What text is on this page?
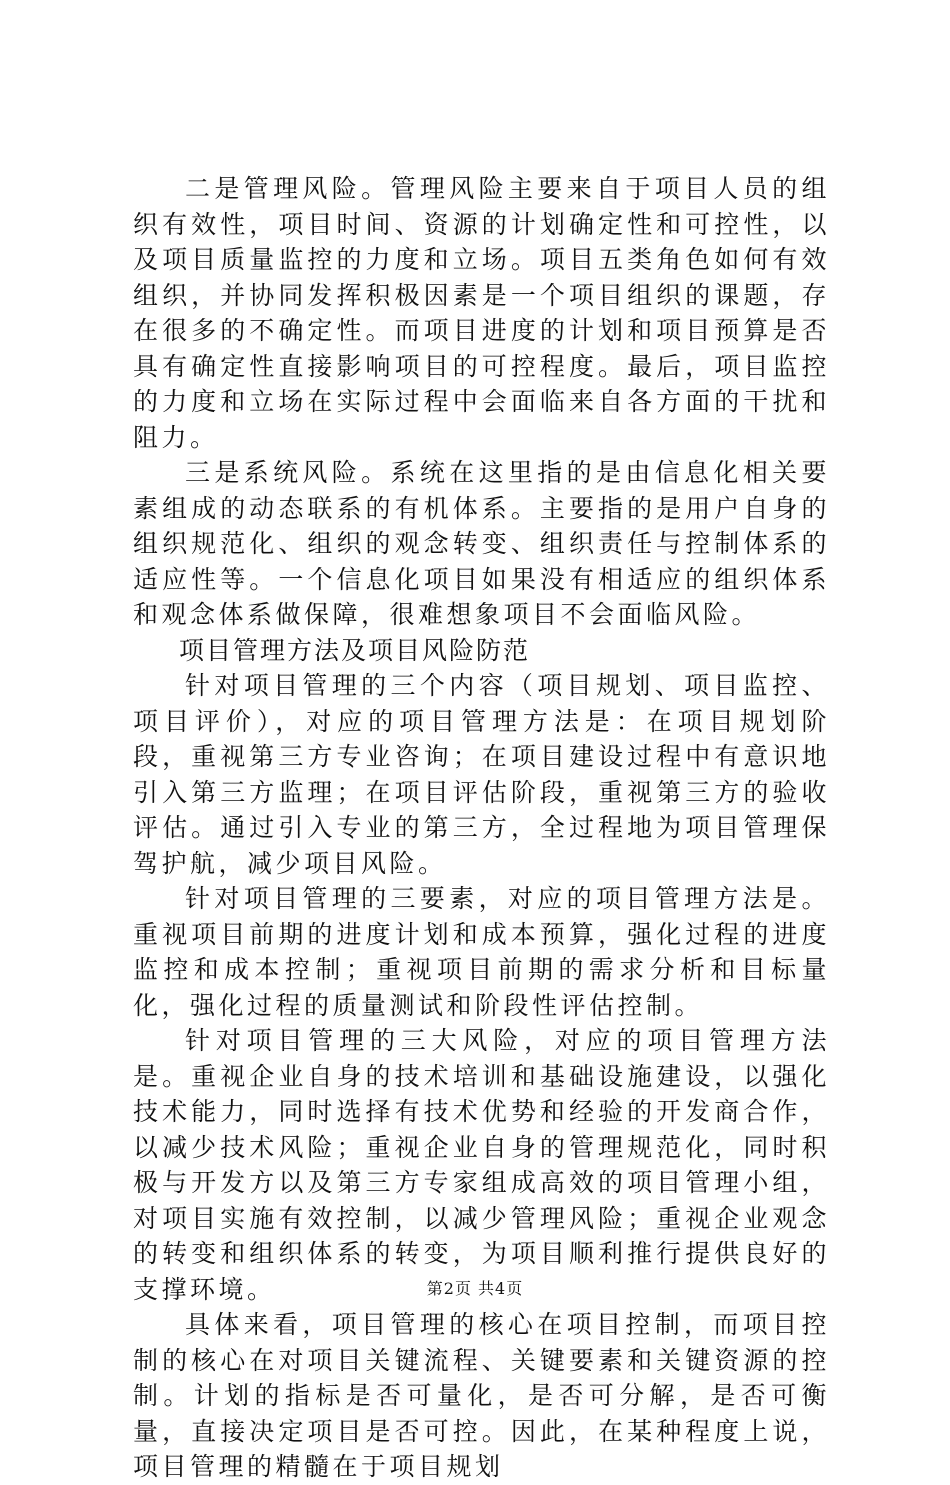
二是管理风险。管理风险主要来自于项目人员的组织有效性，项目时间、资源的计划确定性和可控性，以及项目质量监控的力度和立场。项目五类角色如何有效组织，并协同发挥积极因素是一个项目组织的课题，存在很多的不确定性。而项目进度的计划和项目预算是否具有确定性直接影响项目的可控程度。最后，项目监控的力度和立场在实际过程中会面临来自各方面的干扰和阻力。

三是系统风险。系统在这里指的是由信息化相关要素组成的动态联系的有机体系。主要指的是用户自身的组织规范化、组织的观念转变、组织责任与控制体系的适应性等。一个信息化项目如果没有相适应的组织体系和观念体系做保障，很难想象项目不会面临风险。

项目管理方法及项目风险防范

针对项目管理的三个内容（项目规划、项目监控、项目评价），对应的项目管理方法是：在项目规划阶段，重视第三方专业咨询；在项目建设过程中有意识地引入第三方监理；在项目评估阶段，重视第三方的验收评估。通过引入专业的第三方，全过程地为项目管理保驾护航，减少项目风险。

针对项目管理的三要素，对应的项目管理方法是。重视项目前期的进度计划和成本预算，强化过程的进度监控和成本控制；重视项目前期的需求分析和目标量化，强化过程的质量测试和阶段性评估控制。

针对项目管理的三大风险，对应的项目管理方法是。重视企业自身的技术培训和基础设施建设，以强化技术能力，同时选择有技术优势和经验的开发商合作，以减少技术风险；重视企业自身的管理规范化，同时积极与开发方以及第三方专家组成高效的项目管理小组，对项目实施有效控制，以减少管理风险；重视企业观念的转变和组织体系的转变，为项目顺利推行提供良好的支撑环境。

具体来看，项目管理的核心在项目控制，而项目控制的核心在对项目关键流程、关键要素和关键资源的控制。计划的指标是否可量化，是否可分解，是否可衡量，直接决定项目是否可控。因此，在某种程度上说，项目管理的精髓在于项目规划

第2页 共4页
